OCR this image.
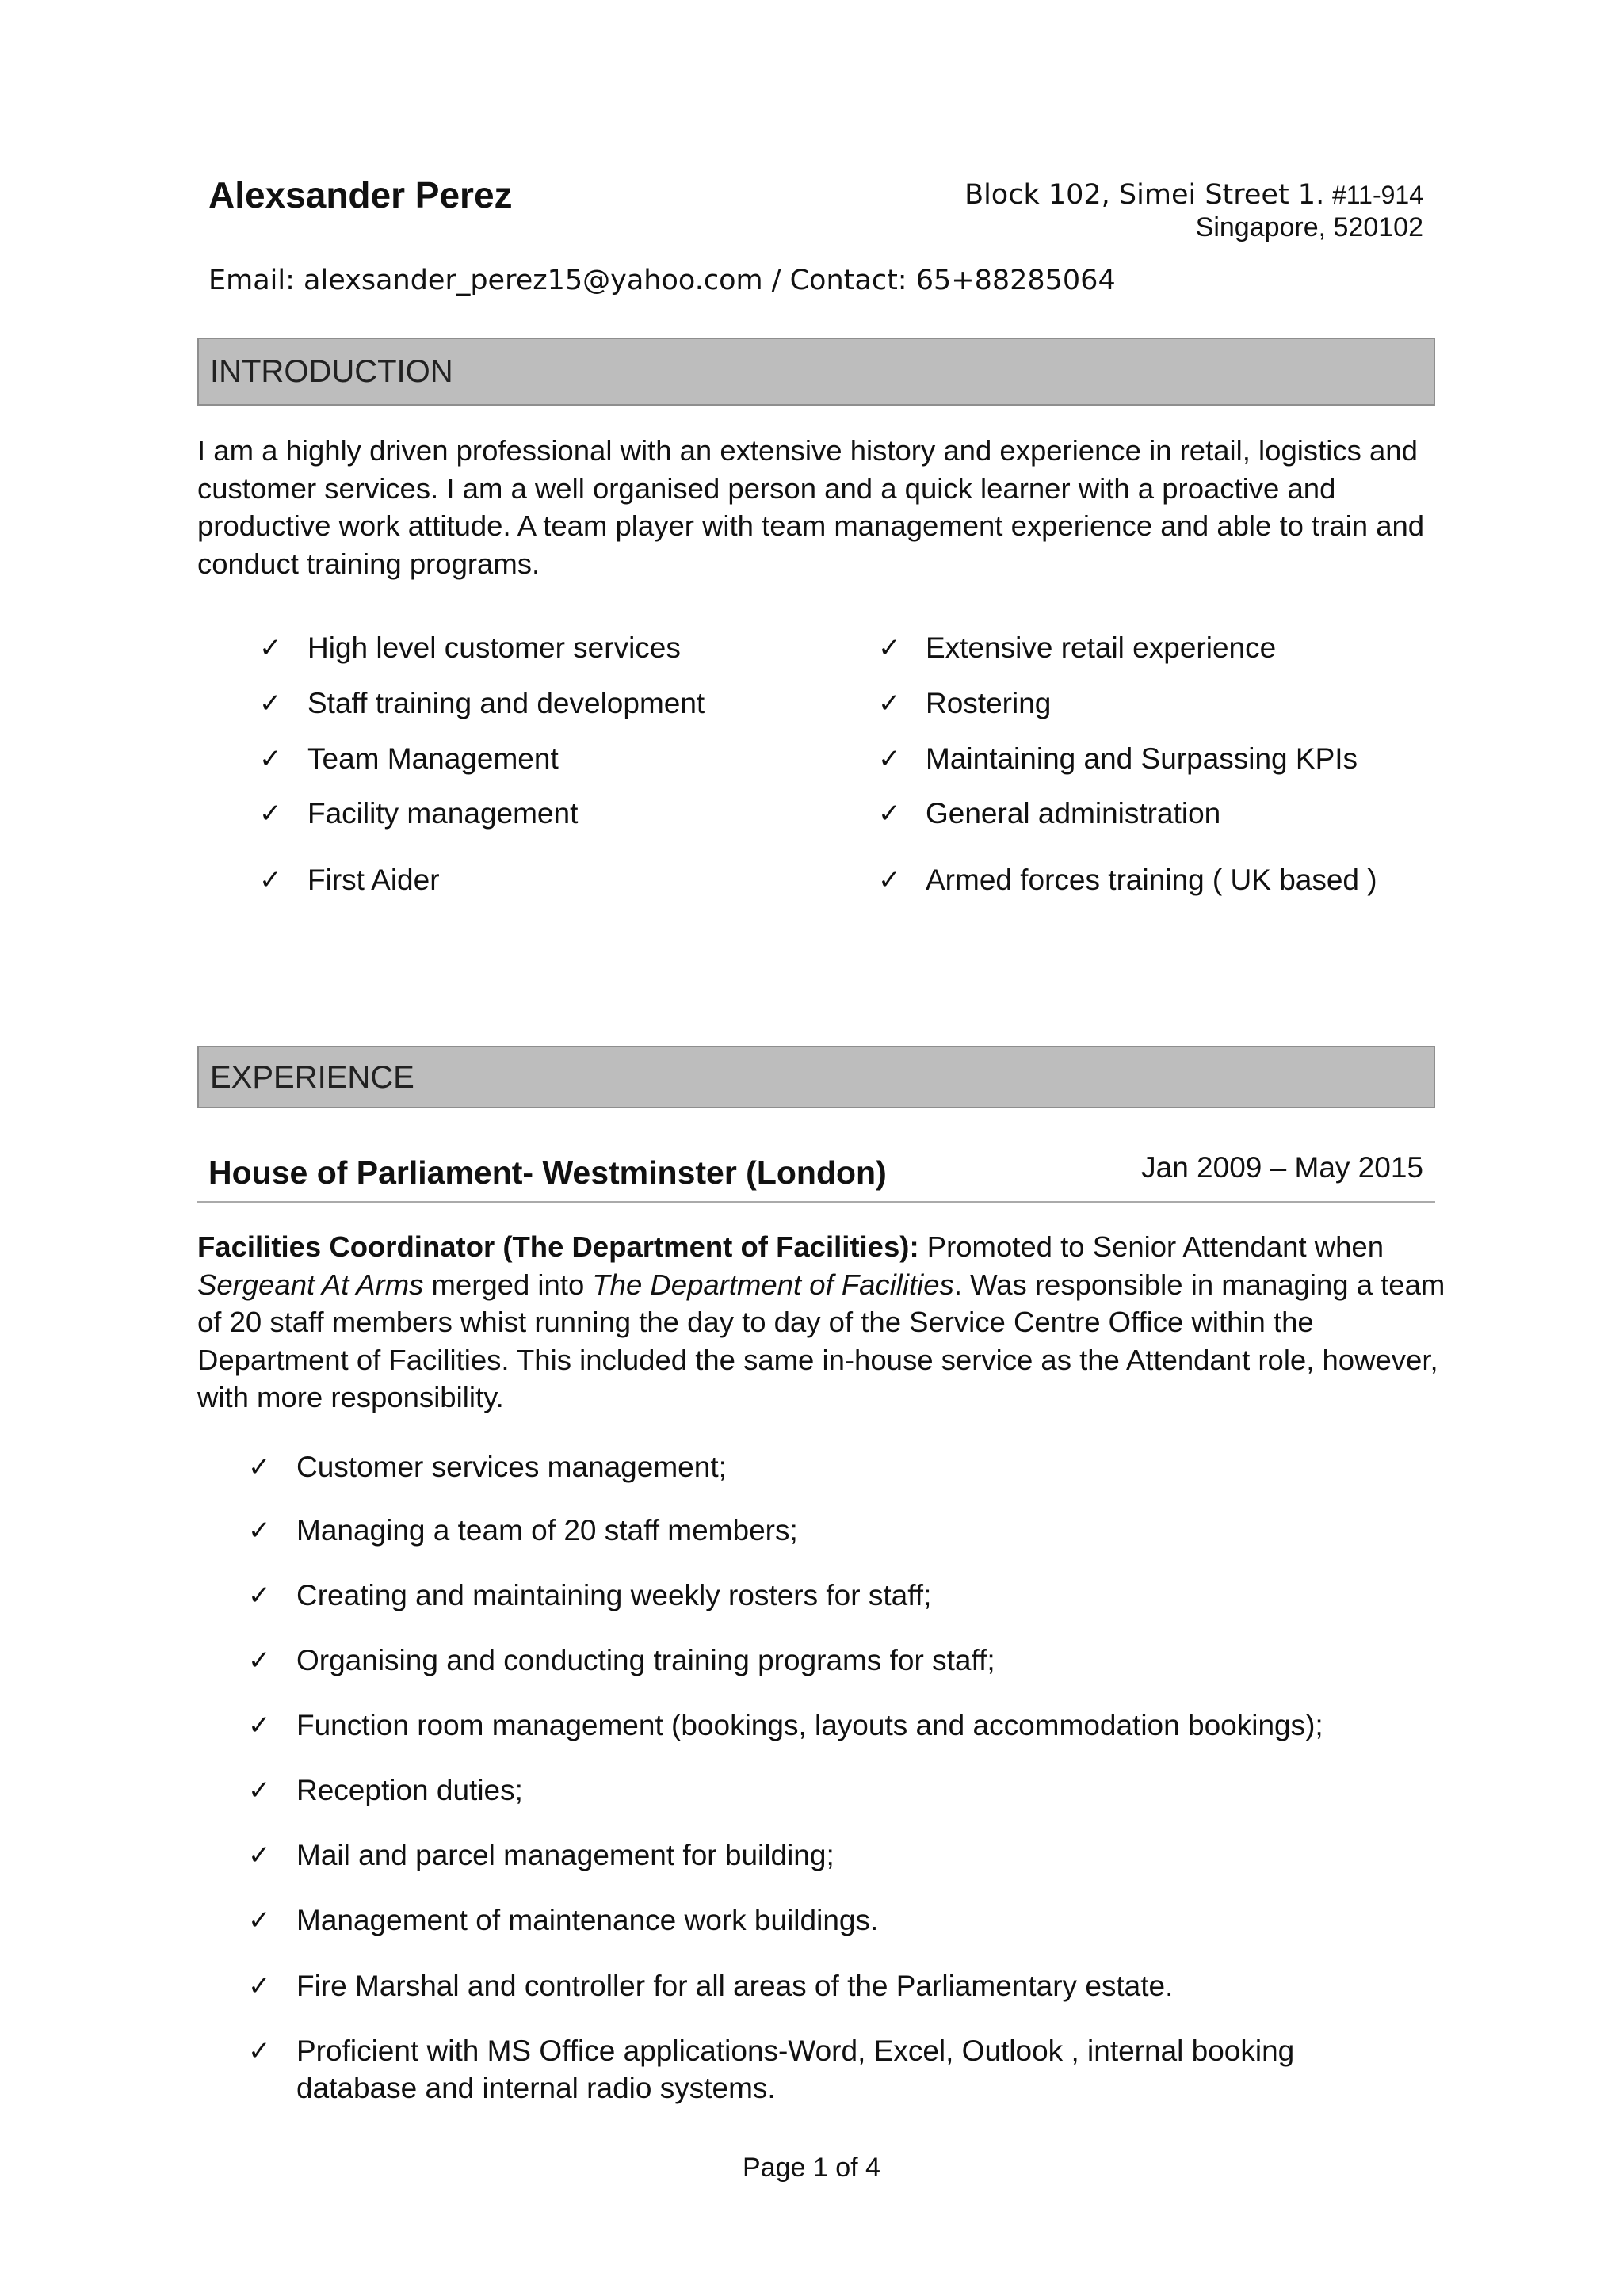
Alexsander Perez	Block 102, Simei Street 1. #11-914
Singapore, 520102
Email: alexsander_perez15@yahoo.com / Contact: 65+88285064
INTRODUCTION
I am a highly driven professional with an extensive history and experience in retail, logistics and customer services. I am a well organised person and a quick learner with a proactive and productive work attitude. A team player with team management experience and able to train and conduct training programs.
✓ High level customer services
✓ Staff training and development
✓ Team Management
✓ Facility management
✓ First Aider
✓ Extensive retail experience
✓ Rostering
✓ Maintaining and Surpassing KPIs
✓ General administration
✓ Armed forces training ( UK based )
EXPERIENCE
House of Parliament- Westminster (London)	Jan 2009 – May 2015
Facilities Coordinator (The Department of Facilities): Promoted to Senior Attendant when Sergeant At Arms merged into The Department of Facilities. Was responsible in managing a team of 20 staff members whist running the day to day of the Service Centre Office within the Department of Facilities. This included the same in-house service as the Attendant role, however, with more responsibility.
✓ Customer services management;
✓ Managing a team of 20 staff members;
✓ Creating and maintaining weekly rosters for staff;
✓ Organising and conducting training programs for staff;
✓ Function room management (bookings, layouts and accommodation bookings);
✓ Reception duties;
✓ Mail and parcel management for building;
✓ Management of maintenance work buildings.
✓ Fire Marshal and controller for all areas of the Parliamentary estate.
✓ Proficient with MS Office applications-Word, Excel, Outlook , internal booking
database and internal radio systems.
Page 1 of 4
